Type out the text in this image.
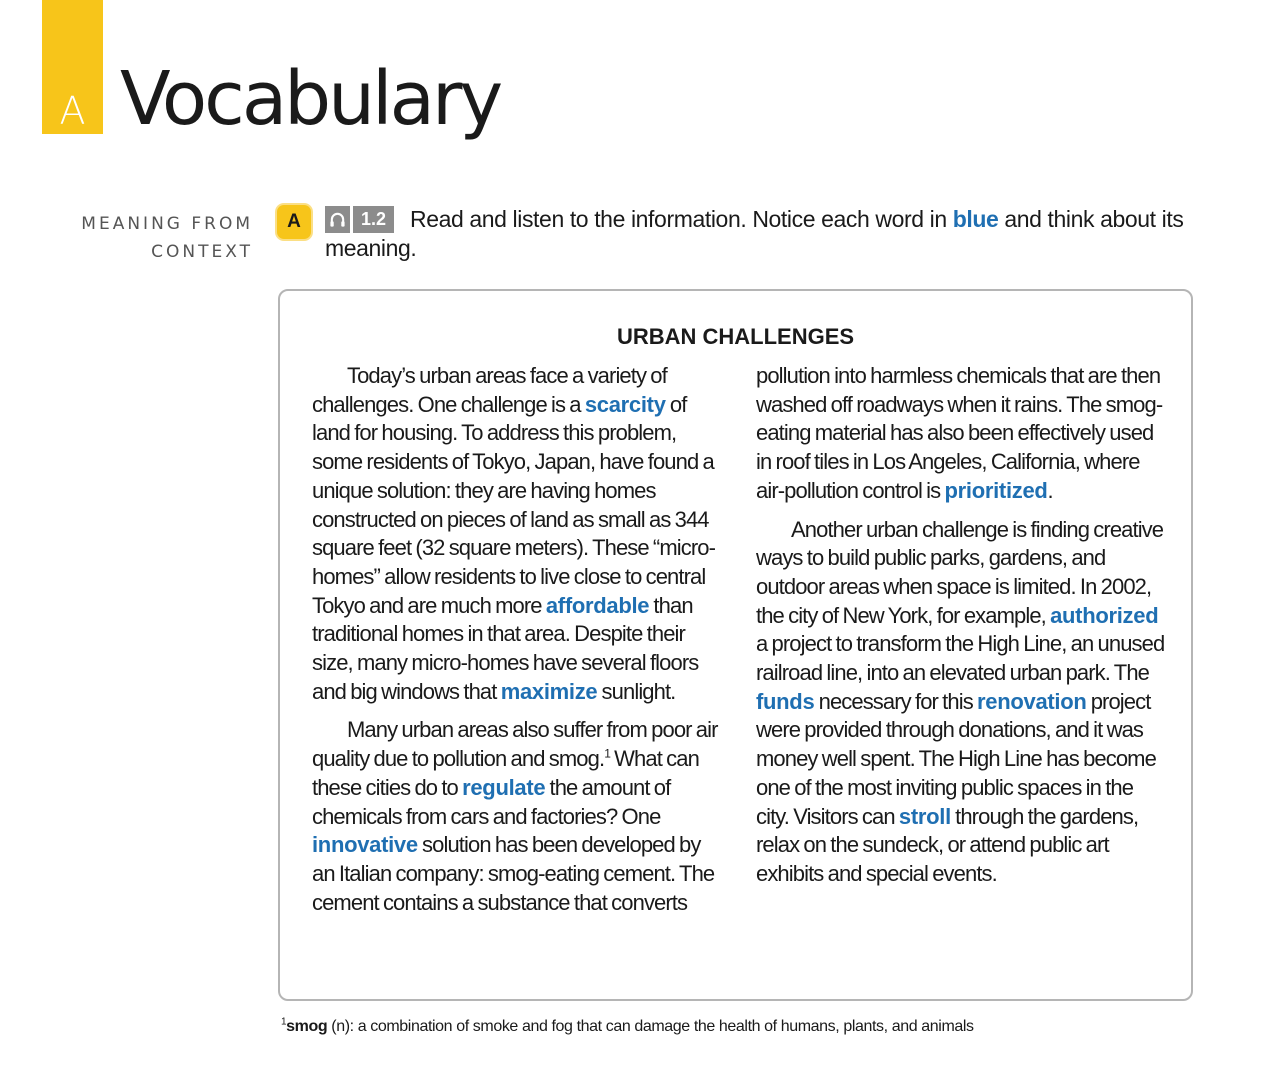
A Vocabulary
MEANING FROM
CONTEXT
A	Read and listen to the information. Notice each word in blue and think about its meaning.

1.2
URBAN CHALLENGES

Today’s urban areas face a variety of challenges. One challenge is a scarcity of land for housing. To address this problem, some residents of Tokyo, Japan, have found a unique solution: they are having homes constructed on pieces of land as small as 344 square feet (32 square meters). These “micro-homes” allow residents to live close to central Tokyo and are much more affordable than traditional homes in that area. Despite their size, many micro-homes have several floors and big windows that maximize sunlight.

Many urban areas also suffer from poor air quality due to pollution and smog.$^1$ What can these cities do to regulate the amount of chemicals from cars and factories? One innovative solution has been developed by an Italian company: smog-eating cement. The cement contains a substance that converts

pollution into harmless chemicals that are then washed off roadways when it rains. The smog-eating material has also been effectively used in roof tiles in Los Angeles, California, where air-pollution control is prioritized.

Another urban challenge is finding creative ways to build public parks, gardens, and outdoor areas when space is limited. In 2002, the city of New York, for example, authorized a project to transform the High Line, an unused railroad line, into an elevated urban park. The funds necessary for this renovation project were provided through donations, and it was money well spent. The High Line has become one of the most inviting public spaces in the city. Visitors can stroll through the gardens, relax on the sundeck, or attend public art exhibits and special events.

$^1$smog (n): a combination of smoke and fog that can damage the health of humans, plants, and animals
